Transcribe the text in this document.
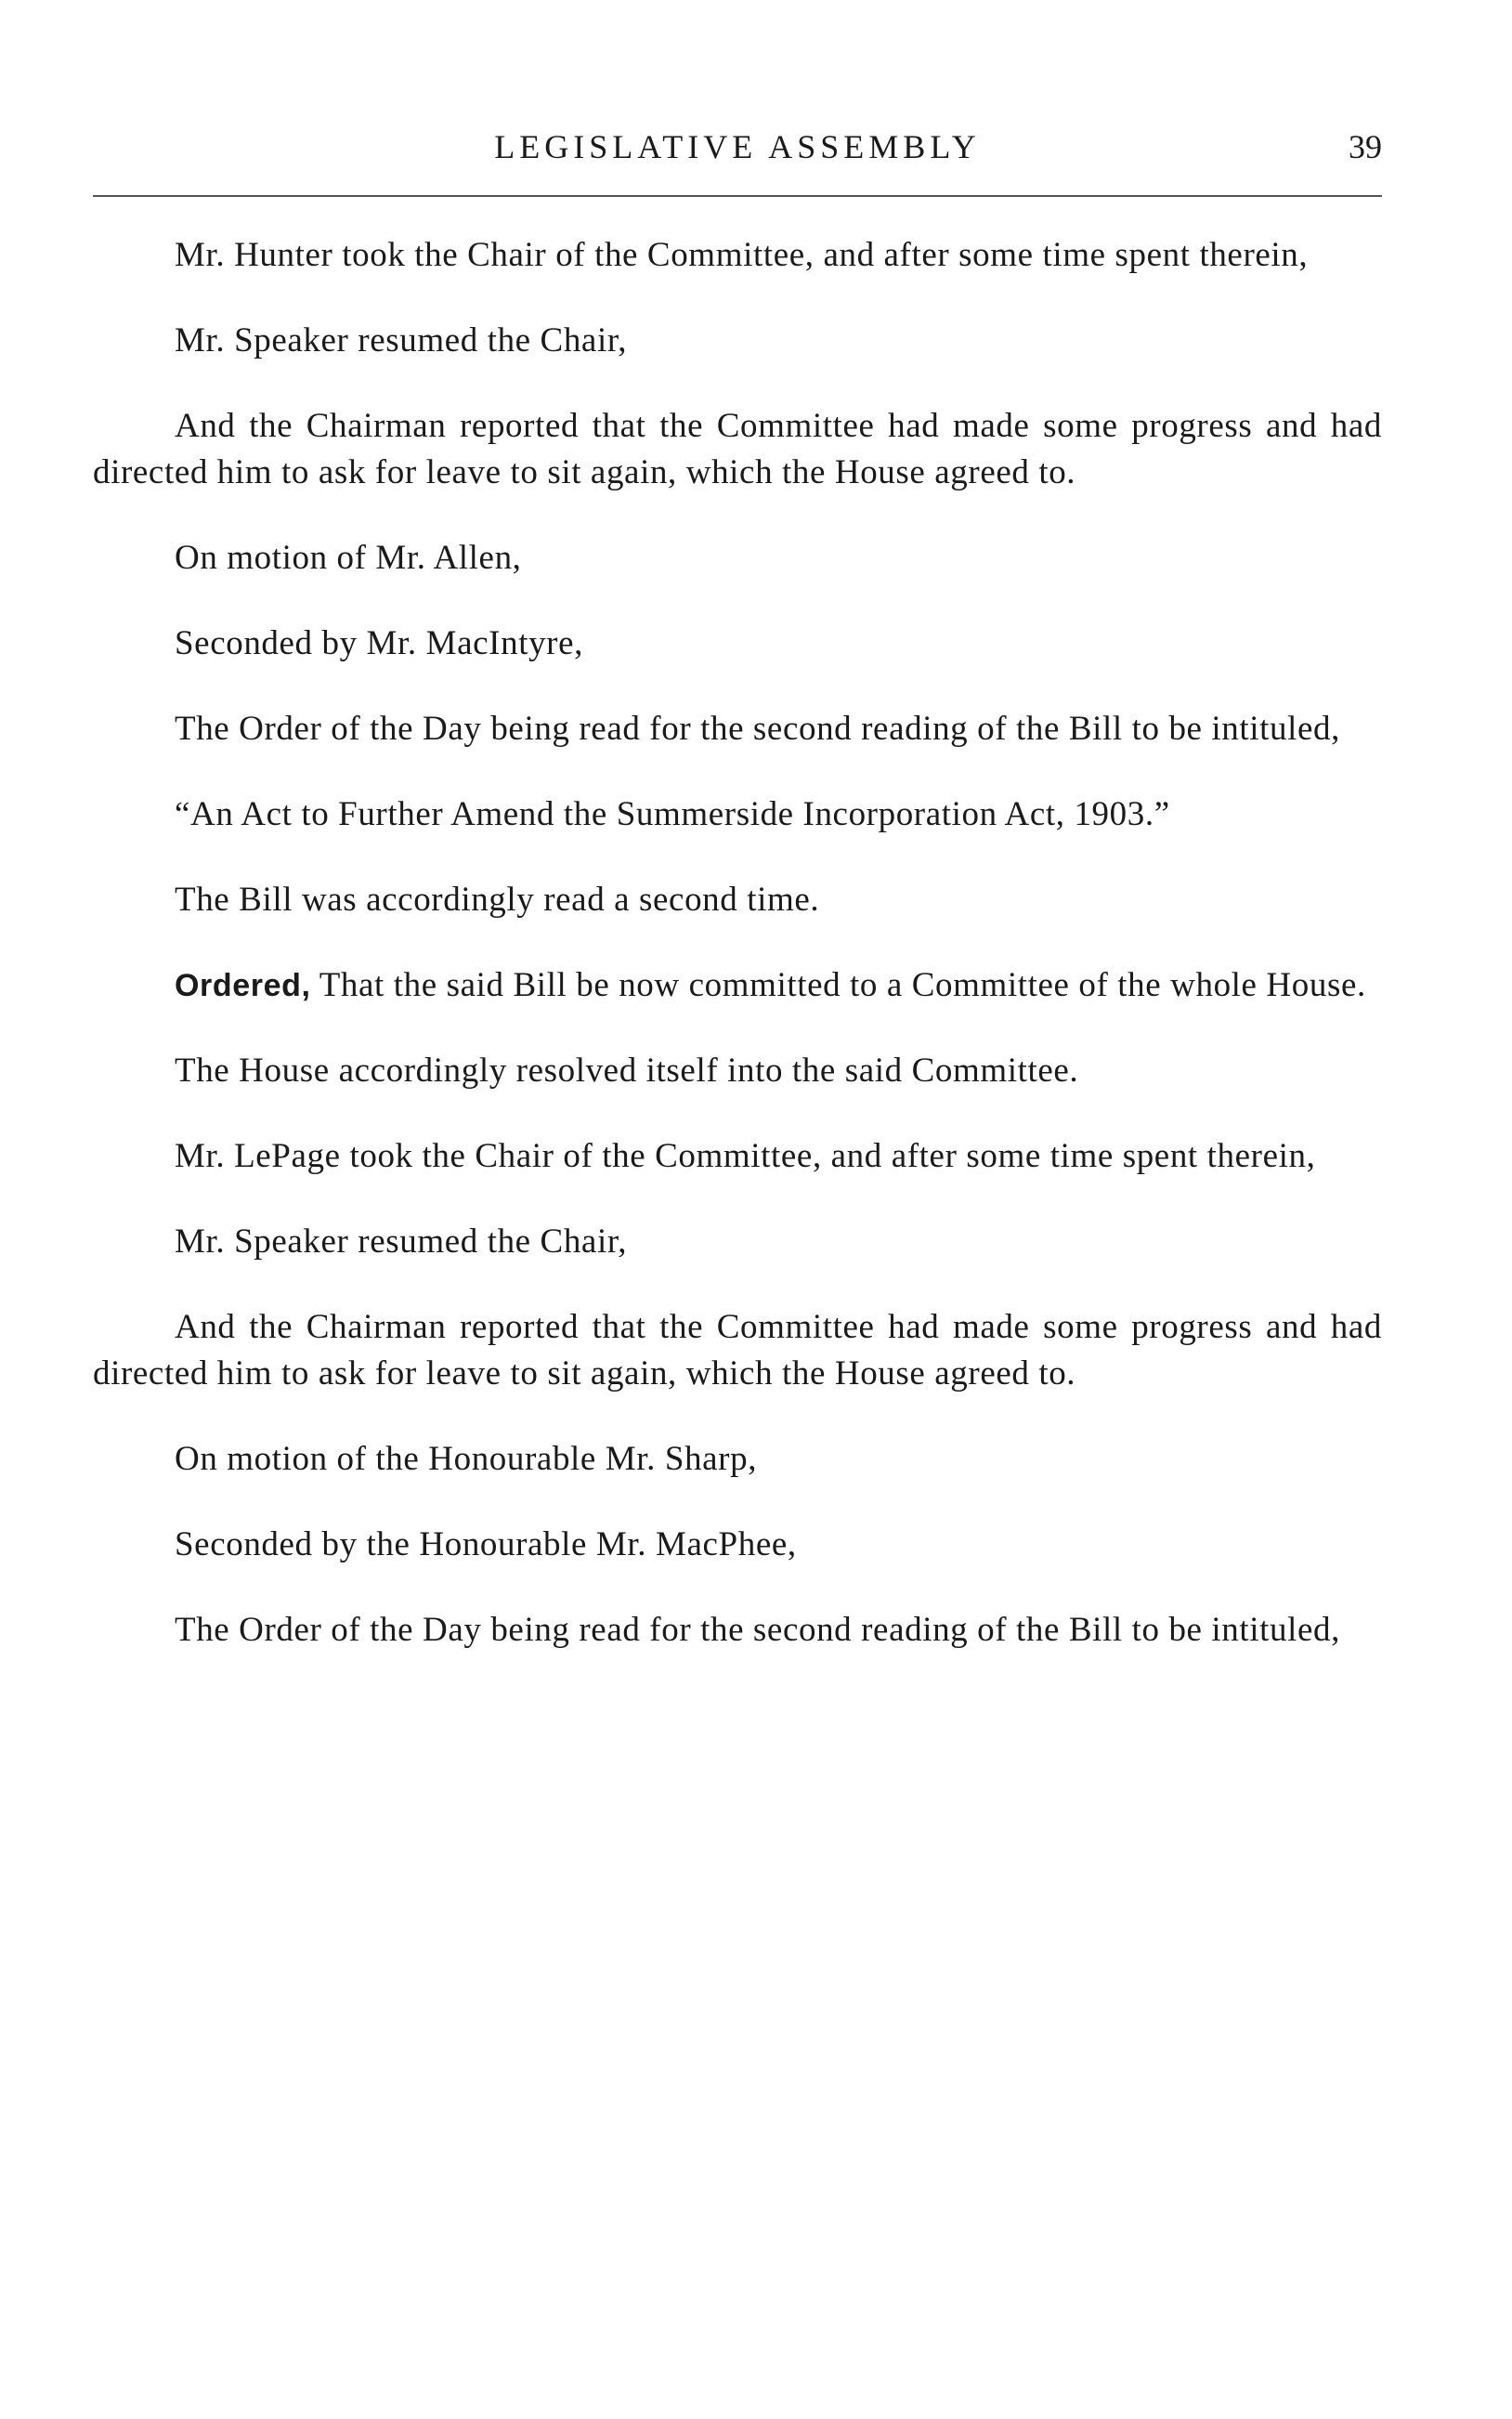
LEGISLATIVE ASSEMBLY	39

Mr. Hunter took the Chair of the Committee, and after some time spent therein,

Mr. Speaker resumed the Chair,

And the Chairman reported that the Committee had made some progress and had directed him to ask for leave to sit again, which the House agreed to.

On motion of Mr. Allen,

Seconded by Mr. MacIntyre,

The Order of the Day being read for the second reading of the Bill to be intituled,

“An Act to Further Amend the Summerside Incorporation Act, 1903.”

The Bill was accordingly read a second time.

Ordered, That the said Bill be now committed to a Committee of the whole House.

The House accordingly resolved itself into the said Committee.

Mr. LePage took the Chair of the Committee, and after some time spent therein,

Mr. Speaker resumed the Chair,

And the Chairman reported that the Committee had made some progress and had directed him to ask for leave to sit again, which the House agreed to.

On motion of the Honourable Mr. Sharp,

Seconded by the Honourable Mr. MacPhee,

The Order of the Day being read for the second reading of the Bill to be intituled,
